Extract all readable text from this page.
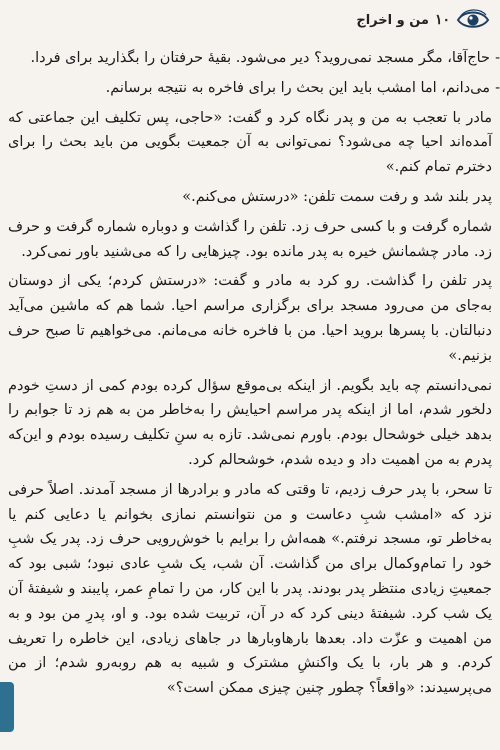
۱۰
من و اخراج

- حاج‌آقا، مگر مسجد نمی‌روید؟ دیر می‌شود. بقیهٔ حرفتان را بگذارید برای فردا.

- می‌دانم، اما امشب باید این بحث را برای فاخره به نتیجه برسانم.

مادر با تعجب به من و پدر نگاه کرد و گفت: «حاجی، پس تکلیف این جماعتی که آمده‌اند احیا چه می‌شود؟ نمی‌توانی به آن جمعیت بگویی من باید بحث را برای دخترم تمام کنم.»

پدر بلند شد و رفت سمت تلفن: «درستش می‌کنم.»

شماره گرفت و با کسی حرف زد. تلفن را گذاشت و دوباره شماره گرفت و حرف زد. مادر چشمانش خیره به پدر مانده بود. چیزهایی را که می‌شنید باور نمی‌کرد.

پدر تلفن را گذاشت. رو کرد به مادر و گفت: «درستش کردم؛ یکی از دوستان به‌جای من می‌رود مسجد برای برگزاری مراسم احیا. شما هم که ماشین می‌آید دنبالتان. با پسرها بروید احیا. من با فاخره خانه می‌مانم. می‌خواهیم تا صبح حرف بزنیم.»

نمی‌دانستم چه باید بگویم. از اینکه بی‌موقع سؤال کرده بودم کمی از دستِ خودم دلخور شدم، اما از اینکه پدر مراسم احیایش را به‌خاطر من به هم زد تا جوابم را بدهد خیلی خوشحال بودم. باورم نمی‌شد. تازه به سنِ تکلیف رسیده بودم و این‌که پدرم به من اهمیت داد و دیده شدم، خوشحالم کرد.

تا سحر، با پدر حرف زدیم، تا وقتی که مادر و برادرها از مسجد آمدند. اصلاً حرفی نزد که «امشب شبِ دعاست و من نتوانستم نمازی بخوانم یا دعایی کنم یا به‌خاطر تو، مسجد نرفتم.» همه‌اش را برایم با خوش‌رویی حرف زد. پدر یک شبِ خود را تمام‌وکمال برای من گذاشت. آن شب، یک شبِ عادی نبود؛ شبی بود که جمعیتِ زیادی منتظر پدر بودند. پدر با این کار، من را تمامِ عمر، پایبند و شیفتهٔ آن یک شب کرد. شیفتهٔ دینی کرد که در آن، تربیت شده بود. و او، پدرِ من بود و به من اهمیت و عزّت داد. بعدها بارها‌وبارها در جاهای زیادی، این خاطره را تعریف کردم. و هر بار، با یک واکنشِ مشترک و شبیه به هم روبه‌رو شدم؛ از من می‌پرسیدند: «واقعاً؟ چطور چنین چیزی ممکن است؟»
